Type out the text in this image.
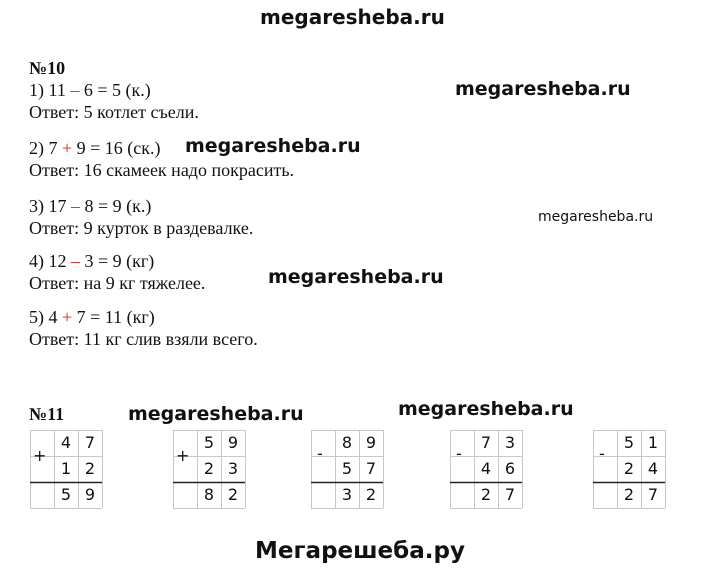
megaresheba.ru
№10
1) 11 – 6 = 5 (к.)
Ответ: 5 котлет съели.
2) 7 + 9 = 16 (ск.)
Ответ: 16 скамеек надо покрасить.
3) 17 – 8 = 9 (к.)
Ответ: 9 курток в раздевалке.
4) 12 – 3 = 9 (кг)
Ответ: на 9 кг тяжелее.
5) 4 + 7 = 11 (кг)
Ответ: 11 кг слив взяли всего.
megaresheba.ru
megaresheba.ru
megaresheba.ru
megaresheba.ru
megaresheba.ru	megaresheba.ru
№11
+
4 7
1 2
5 9
+
5 9
2 3
8 2
-
8 9
5 7
3 2
-
7 3
4 6
2 7
-
5 1
2 4
2 7
Мегарешеба.ру
